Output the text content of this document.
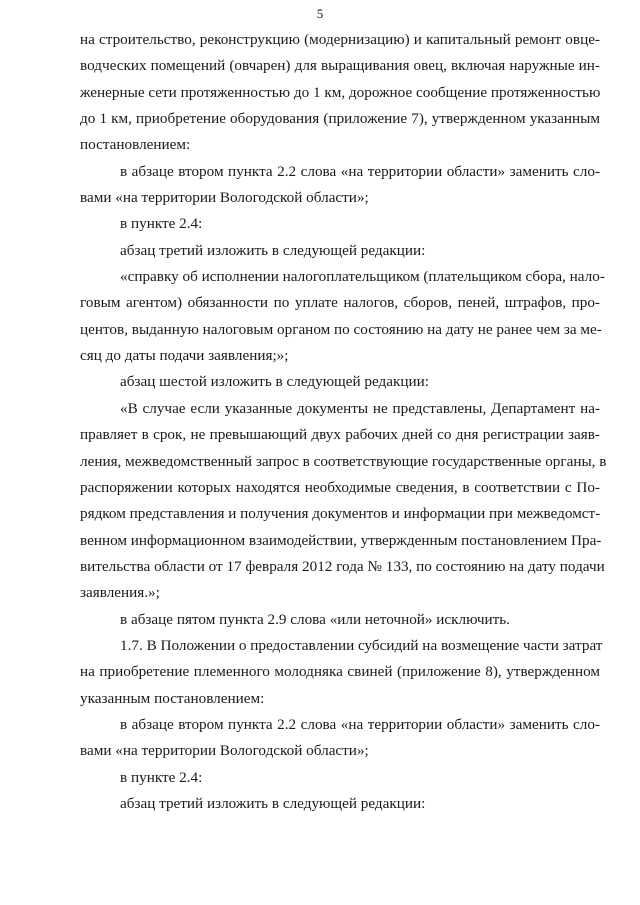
5
на строительство, реконструкцию (модернизацию) и капитальный ремонт овце-
водческих помещений (овчарен) для выращивания овец, включая наружные ин-
женерные сети протяженностью до 1 км, дорожное сообщение протяженностью
до 1 км, приобретение оборудования (приложение 7), утвержденном указанным
постановлением:
в абзаце втором пункта 2.2 слова «на территории области» заменить сло-
вами «на территории Вологодской области»;
в пункте 2.4:
абзац третий изложить в следующей редакции:
«справку об исполнении налогоплательщиком (плательщиком сбора, нало-
говым агентом) обязанности по уплате налогов, сборов, пеней, штрафов, про-
центов, выданную налоговым органом по состоянию на дату не ранее чем за ме-
сяц до даты подачи заявления;»;
абзац шестой изложить в следующей редакции:
«В случае если указанные документы не представлены, Департамент на-
правляет в срок, не превышающий двух рабочих дней со дня регистрации заяв-
ления, межведомственный запрос в соответствующие государственные органы, в
распоряжении которых находятся необходимые сведения, в соответствии с По-
рядком представления и получения документов и информации при межведомст-
венном информационном взаимодействии, утвержденным постановлением Пра-
вительства области от 17 февраля 2012 года № 133, по состоянию на дату подачи
заявления.»;
в абзаце пятом пункта 2.9 слова «или неточной» исключить.
1.7. В Положении о предоставлении субсидий на возмещение части затрат
на приобретение племенного молодняка свиней (приложение 8), утвержденном
указанным постановлением:
в абзаце втором пункта 2.2 слова «на территории области» заменить сло-
вами «на территории Вологодской области»;
в пункте 2.4:
абзац третий изложить в следующей редакции:
